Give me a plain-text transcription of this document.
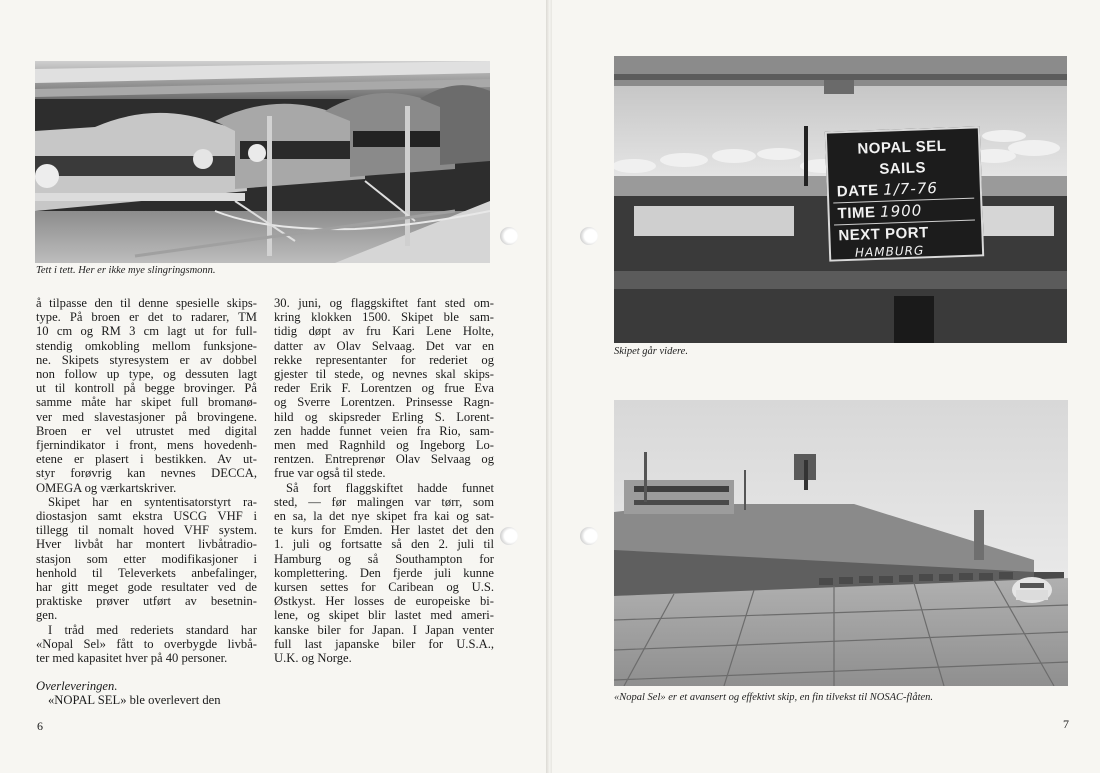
Tett i tett. Her er ikke mye slingringsmonn.

å tilpasse den til denne spesielle skips-

type. På broen er det to radarer, TM

10 cm og RM 3 cm lagt ut for full-

stendig omkobling mellom funksjone-

ne. Skipets styresystem er av dobbel

non follow up type, og dessuten lagt

ut til kontroll på begge brovinger. På

samme måte har skipet full bromanø-

ver med slavestasjoner på brovingene.

Broen er vel utrustet med digital

fjernindikator i front, mens hovedenh-

etene er plasert i bestikken. Av ut-

styr forøvrig kan nevnes DECCA,

OMEGA og værkartskriver.

Skipet har en syntentisatorstyrt ra-

diostasjon samt ekstra USCG VHF i

tillegg til nomalt hoved VHF system.

Hver livbåt har montert livbåtradio-

stasjon som etter modifikasjoner i

henhold til Televerkets anbefalinger,

har gitt meget gode resultater ved de

praktiske prøver utført av besetnin-

gen.

I tråd med rederiets standard har

«Nopal Sel» fått to overbygde livbå-

ter med kapasitet hver på 40 personer.

Overleveringen.

«NOPAL SEL» ble overlevert den

30. juni, og flaggskiftet fant sted om-

kring klokken 1500. Skipet ble sam-

tidig døpt av fru Kari Lene Holte,

datter av Olav Selvaag. Det var en

rekke representanter for rederiet og

gjester til stede, og nevnes skal skips-

reder Erik F. Lorentzen og frue Eva

og Sverre Lorentzen. Prinsesse Ragn-

hild og skipsreder Erling S. Lorent-

zen hadde funnet veien fra Rio, sam-

men med Ragnhild og Ingeborg Lo-

rentzen. Entreprenør Olav Selvaag og

frue var også til stede.

Så fort flaggskiftet hadde funnet

sted, — før malingen var tørr, som

en sa, la det nye skipet fra kai og sat-

te kurs for Emden. Her lastet det den

1. juli og fortsatte så den 2. juli til

Hamburg og så Southampton for

komplettering. Den fjerde juli kunne

kursen settes for Caribean og U.S.

Østkyst. Her losses de europeiske bi-

lene, og skipet blir lastet med ameri-

kanske biler for Japan. I Japan venter

full last japanske biler for U.S.A.,

U.K. og Norge.

6
NOPAL SEL
SAILS
DATE 1/7-76
TIME 1900
NEXT PORT
HAMBURG
Skipet går videre.
«Nopal Sel» er et avansert og effektivt skip, en fin tilvekst til NOSAC-flåten.
7
